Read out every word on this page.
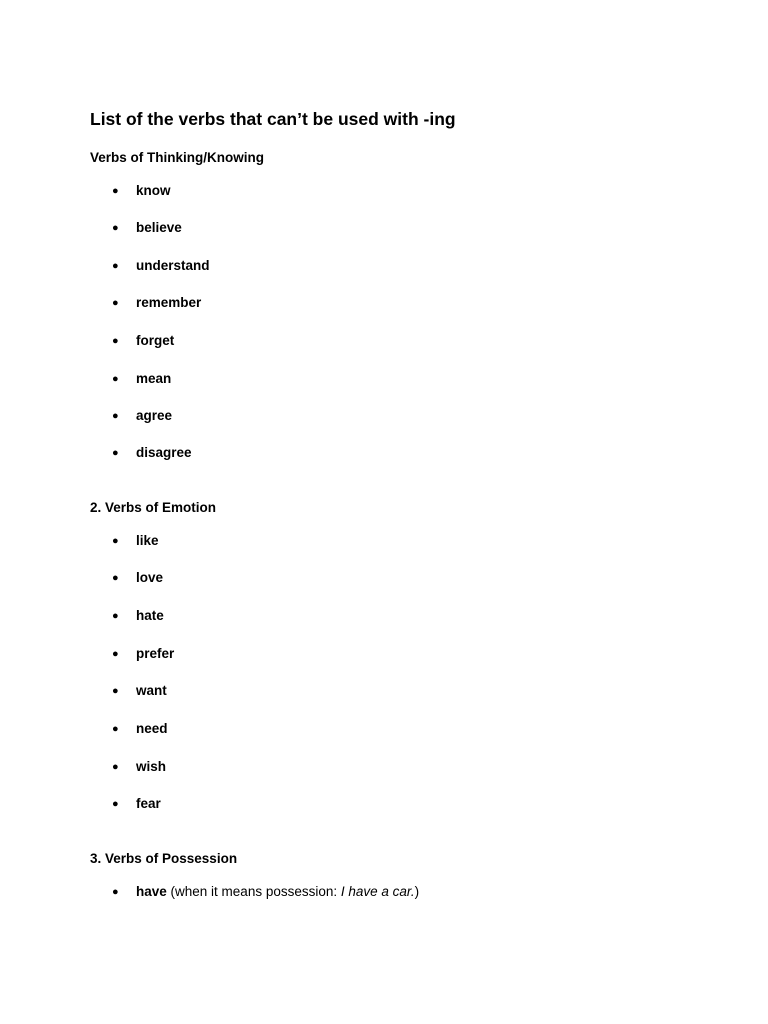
List of the verbs that can’t be used with -ing
Verbs of Thinking/Knowing
● know
● believe
● understand
● remember
● forget
● mean
● agree
● disagree
2. Verbs of Emotion
● like
● love
● hate
● prefer
● want
● need
● wish
● fear
3. Verbs of Possession
● have (when it means possession: I have a car.)
